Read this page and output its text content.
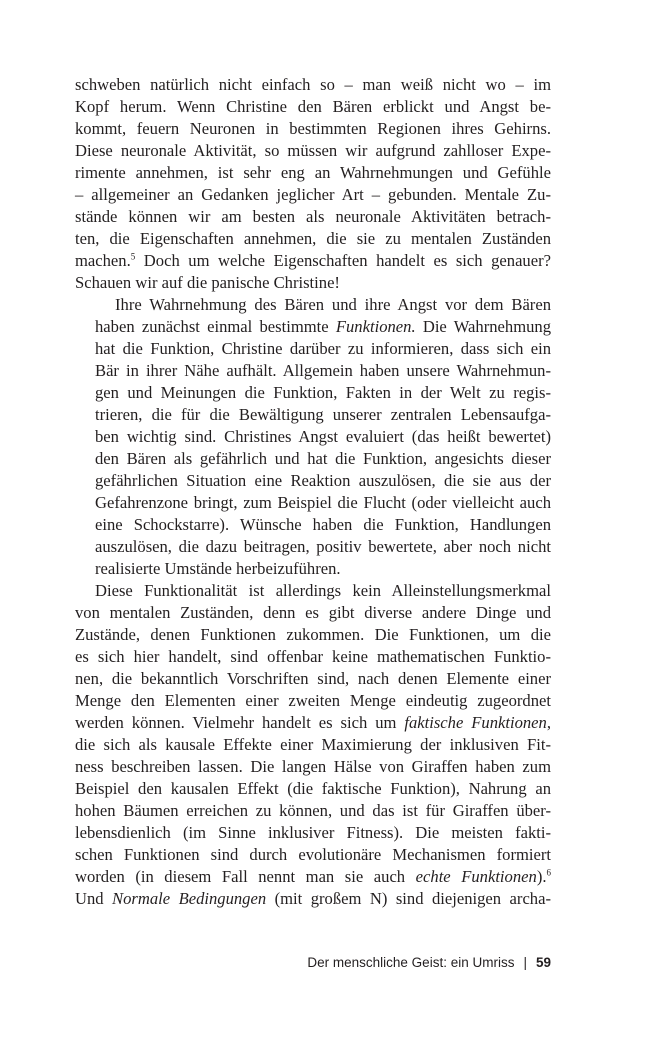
schweben natürlich nicht einfach so – man weiß nicht wo – im
Kopf herum. Wenn Christine den Bären erblickt und Angst be-
kommt, feuern Neuronen in bestimmten Regionen ihres Gehirns.
Diese neuronale Aktivität, so müssen wir aufgrund zahlloser Expe-
rimente annehmen, ist sehr eng an Wahrnehmungen und Gefühle
– allgemeiner an Gedanken jeglicher Art – gebunden. Mentale Zu-
stände können wir am besten als neuronale Aktivitäten betrach-
ten, die Eigenschaften annehmen, die sie zu mentalen Zuständen
machen.$^5$ Doch um welche Eigenschaften handelt es sich genauer?
Schauen wir auf die panische Christine!

Ihre Wahrnehmung des Bären und ihre Angst vor dem Bären
haben zunächst einmal bestimmte Funktionen. Die Wahrnehmung
hat die Funktion, Christine darüber zu informieren, dass sich ein
Bär in ihrer Nähe aufhält. Allgemein haben unsere Wahrnehmun-
gen und Meinungen die Funktion, Fakten in der Welt zu regis-
trieren, die für die Bewältigung unserer zentralen Lebensaufga-
ben wichtig sind. Christines Angst evaluiert (das heißt bewertet)
den Bären als gefährlich und hat die Funktion, angesichts dieser
gefährlichen Situation eine Reaktion auszulösen, die sie aus der
Gefahrenzone bringt, zum Beispiel die Flucht (oder vielleicht auch
eine Schockstarre). Wünsche haben die Funktion, Handlungen
auszulösen, die dazu beitragen, positiv bewertete, aber noch nicht
realisierte Umstände herbeizuführen.

Diese Funktionalität ist allerdings kein Alleinstellungsmerkmal
von mentalen Zuständen, denn es gibt diverse andere Dinge und
Zustände, denen Funktionen zukommen. Die Funktionen, um die
es sich hier handelt, sind offenbar keine mathematischen Funktio-
nen, die bekanntlich Vorschriften sind, nach denen Elemente einer
Menge den Elementen einer zweiten Menge eindeutig zugeordnet
werden können. Vielmehr handelt es sich um faktische Funktionen,
die sich als kausale Effekte einer Maximierung der inklusiven Fit-
ness beschreiben lassen. Die langen Hälse von Giraffen haben zum
Beispiel den kausalen Effekt (die faktische Funktion), Nahrung an
hohen Bäumen erreichen zu können, und das ist für Giraffen über-
lebensdienlich (im Sinne inklusiver Fitness). Die meisten fakti-
schen Funktionen sind durch evolutionäre Mechanismen formiert
worden (in diesem Fall nennt man sie auch echte Funktionen).$^6$
Und Normale Bedingungen (mit großem N) sind diejenigen archa-

Der menschliche Geist: ein Umriss | 59
